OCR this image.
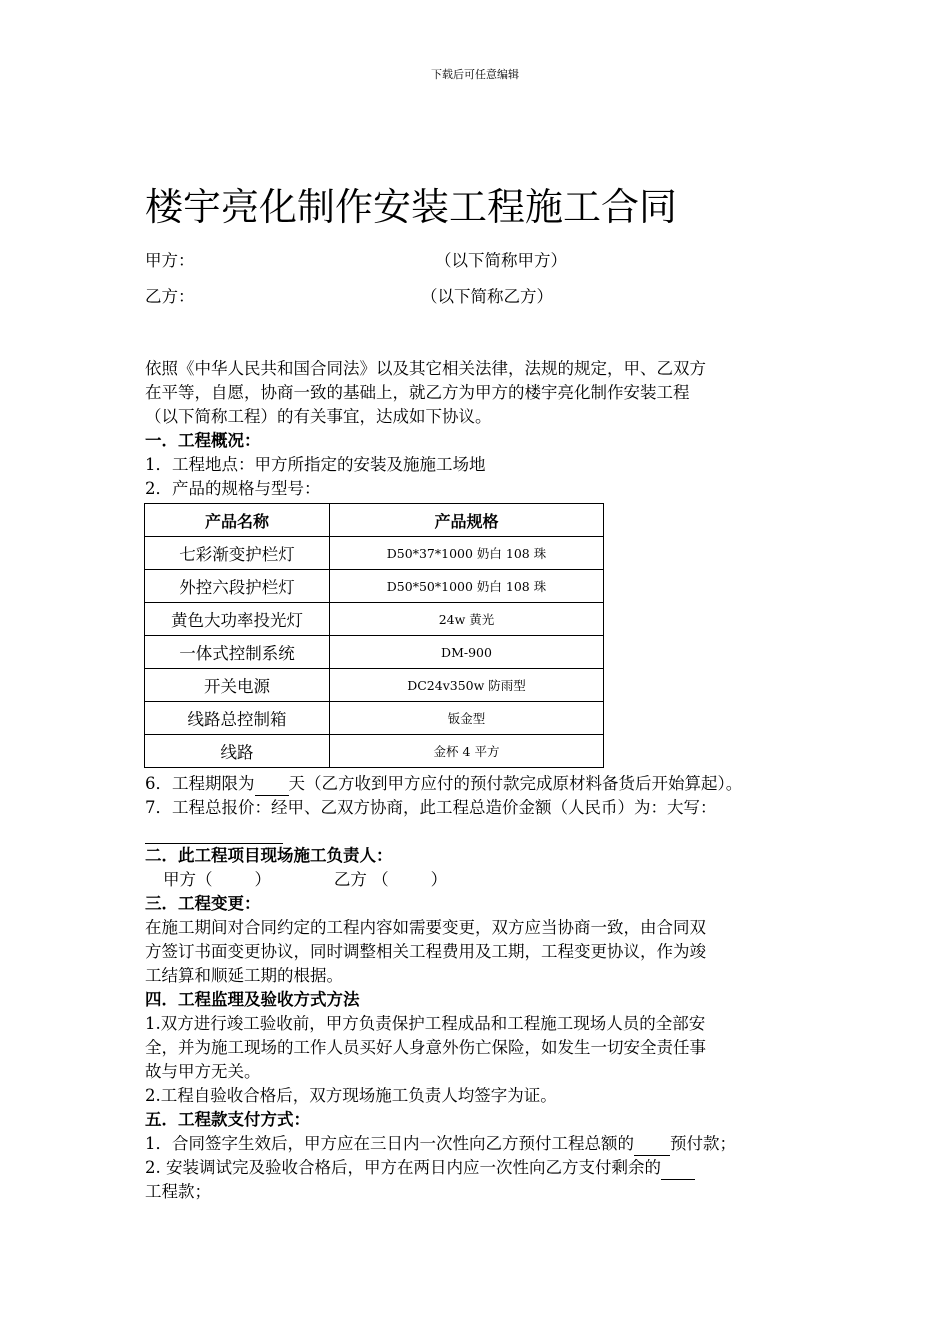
下载后可任意编辑
楼宇亮化制作安装工程施工合同
甲方：	（以下简称甲方）
乙方：	（以下简称乙方）

依照《中华人民共和国合同法》以及其它相关法律，法规的规定，甲、乙双方

在平等，自愿，协商一致的基础上，就乙方为甲方的楼宇亮化制作安装工程

（以下简称工程）的有关事宜，达成如下协议。

一．工程概况：

1．工程地点：甲方所指定的安装及施施工场地

2．产品的规格与型号：

产品名称	产品规格
七彩渐变护栏灯	D50*37*1000 奶白 108 珠
外控六段护栏灯	D50*50*1000 奶白 108 珠
黄色大功率投光灯	24w 黄光
一体式控制系统	DM-900
开关电源	DC24v350w 防雨型
线路总控制箱	钣金型
线路	金杯 4 平方

6．工程期限为 天（乙方收到甲方应付的预付款完成原材料备货后开始算起）。

7．工程总报价：经甲、乙双方协商，此工程总造价金额（人民币）为：大写：

二．此工程项目现场施工负责人：

甲方（        ）            乙方 （        ）

三．工程变更：

在施工期间对合同约定的工程内容如需要变更，双方应当协商一致，由合同双

方签订书面变更协议，同时调整相关工程费用及工期，工程变更协议，作为竣

工结算和顺延工期的根据。

四．工程监理及验收方式方法

1.双方进行竣工验收前，甲方负责保护工程成品和工程施工现场人员的全部安

全，并为施工现场的工作人员买好人身意外伤亡保险，如发生一切安全责任事

故与甲方无关。

2.工程自验收合格后，双方现场施工负责人均签字为证。

五．工程款支付方式：

1．合同签字生效后，甲方应在三日内一次性向乙方预付工程总额的 预付款；

2. 安装调试完及验收合格后，甲方在两日内应一次性向乙方支付剩余的

工程款；
